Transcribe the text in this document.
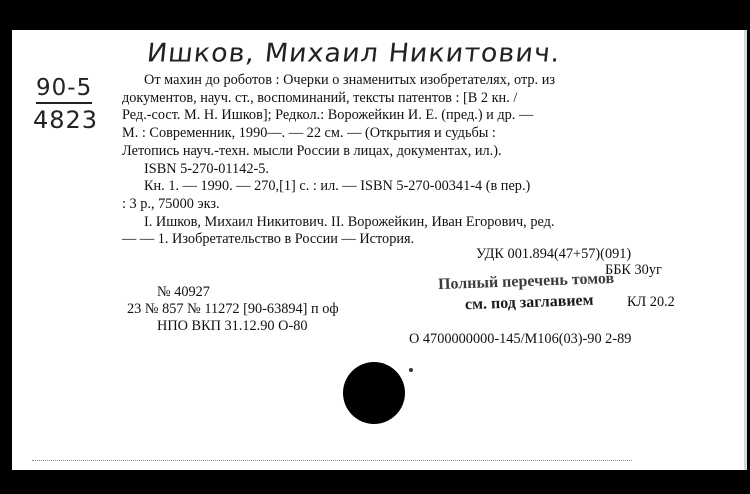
Ишков, Михаил Никитович.
90-5
4823
От махин до роботов : Очерки о знаменитых изобретателях, отр. из
документов, науч. ст., воспоминаний, тексты патентов : [В 2 кн. /
Ред.-сост. М. Н. Ишков]; Редкол.: Ворожейкин И. Е. (пред.) и др. —
М. : Современник, 1990—. — 22 см. — (Открытия и судьбы :
Летопись науч.-техн. мысли России в лицах, документах, ил.).
ISBN 5-270-01142-5.
Кн. 1. — 1990. — 270,[1] с. : ил. — ISBN 5-270-00341-4 (в пер.)
: 3 р., 75000 экз.
I. Ишков, Михаил Никитович. II. Ворожейкин, Иван Егорович, ред.
— — 1. Изобретательство в России — История.
УДК 001.894(47+57)(091)
ББК 30уг
Полный перечень томов
см. под заглавием КЛ 20.2
№ 40927
23 № 857 № 11272 [90-63894] п оф
НПО ВКП 31.12.90 О-80
О 4700000000-145/М106(03)-90 2-89
